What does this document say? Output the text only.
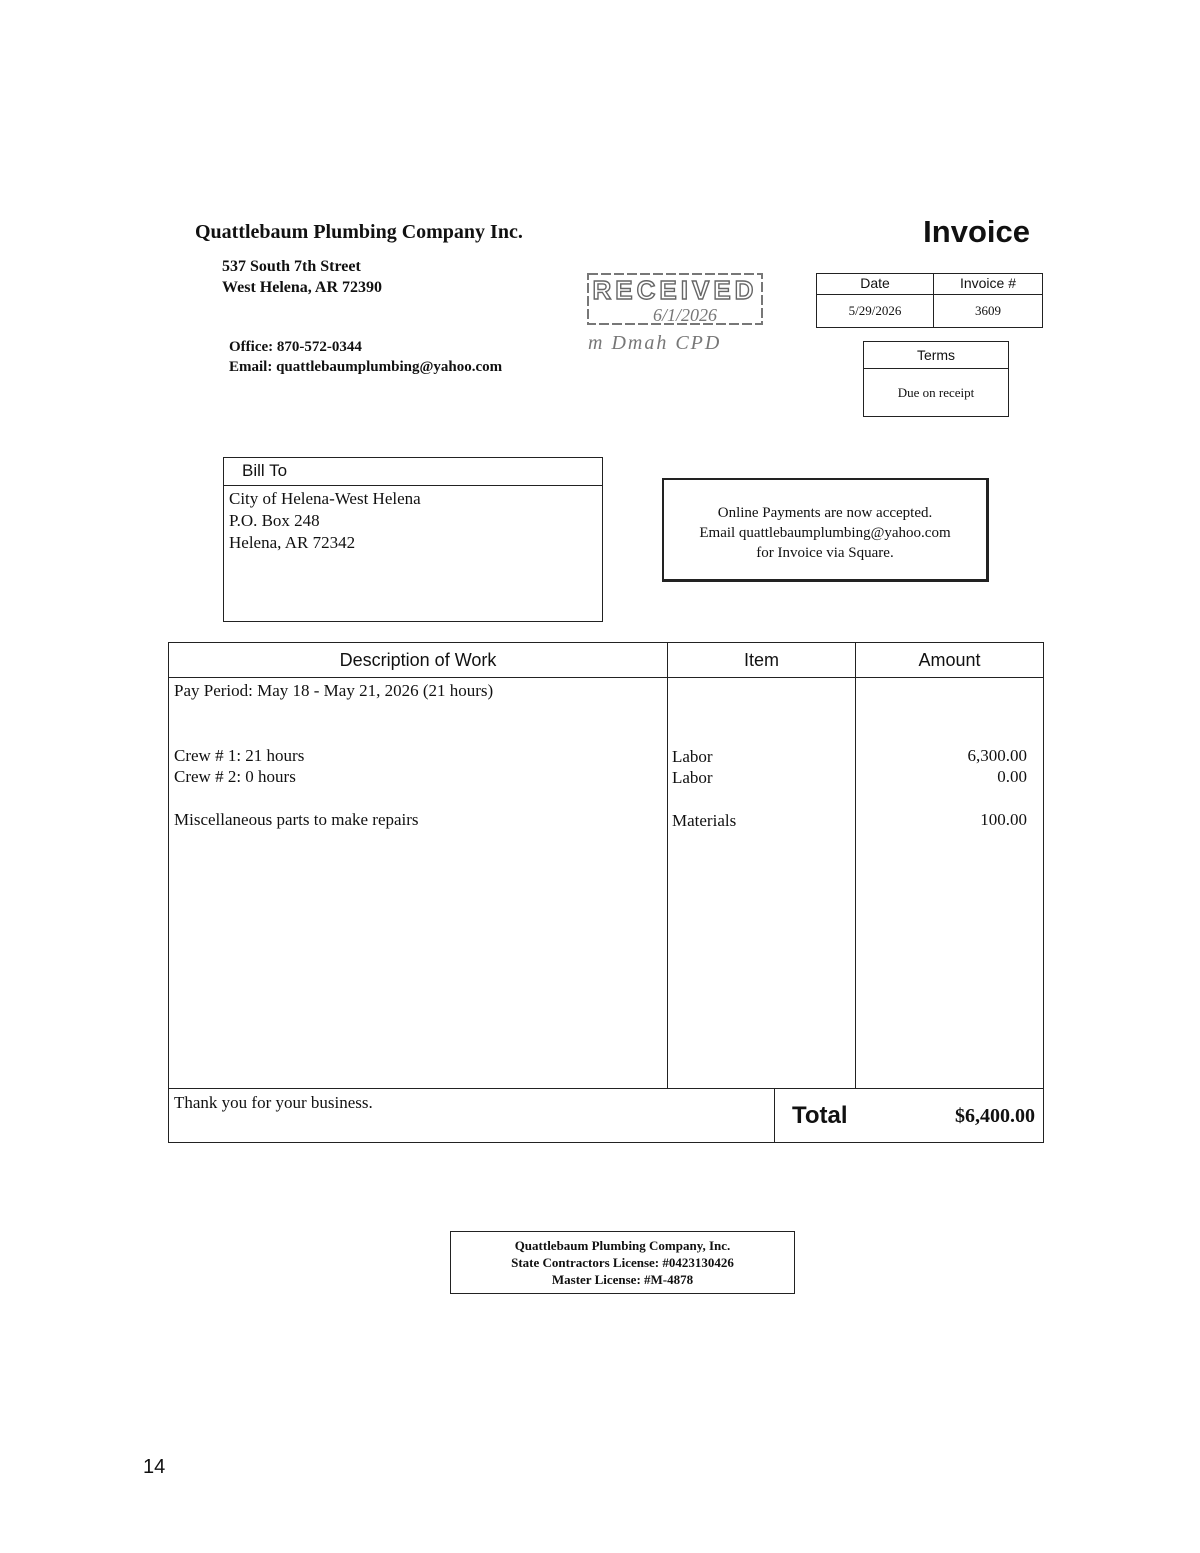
Quattlebaum Plumbing Company Inc.
537 South 7th Street
West Helena, AR 72390
Office: 870-572-0344
Email: quattlebaumplumbing@yahoo.com
Invoice
RECEIVED
6/1/2026
m Dmah CPD
Date	Invoice #
5/29/2026	3609
Terms
Due on receipt
Bill To
City of Helena-West Helena
P.O. Box 248
Helena, AR 72342
Online Payments are now accepted.
Email quattlebaumplumbing@yahoo.com
for Invoice via Square.
Description of Work	Item	Amount
Pay Period: May 18 - May 21, 2026 (21 hours)
Crew # 1: 21 hours	Labor	6,300.00
Crew # 2: 0 hours	Labor	0.00
Miscellaneous parts to make repairs	Materials	100.00
Thank you for your business.	Total	$6,400.00
Quattlebaum Plumbing Company, Inc.
State Contractors License: #0423130426
Master License: #M-4878
14
